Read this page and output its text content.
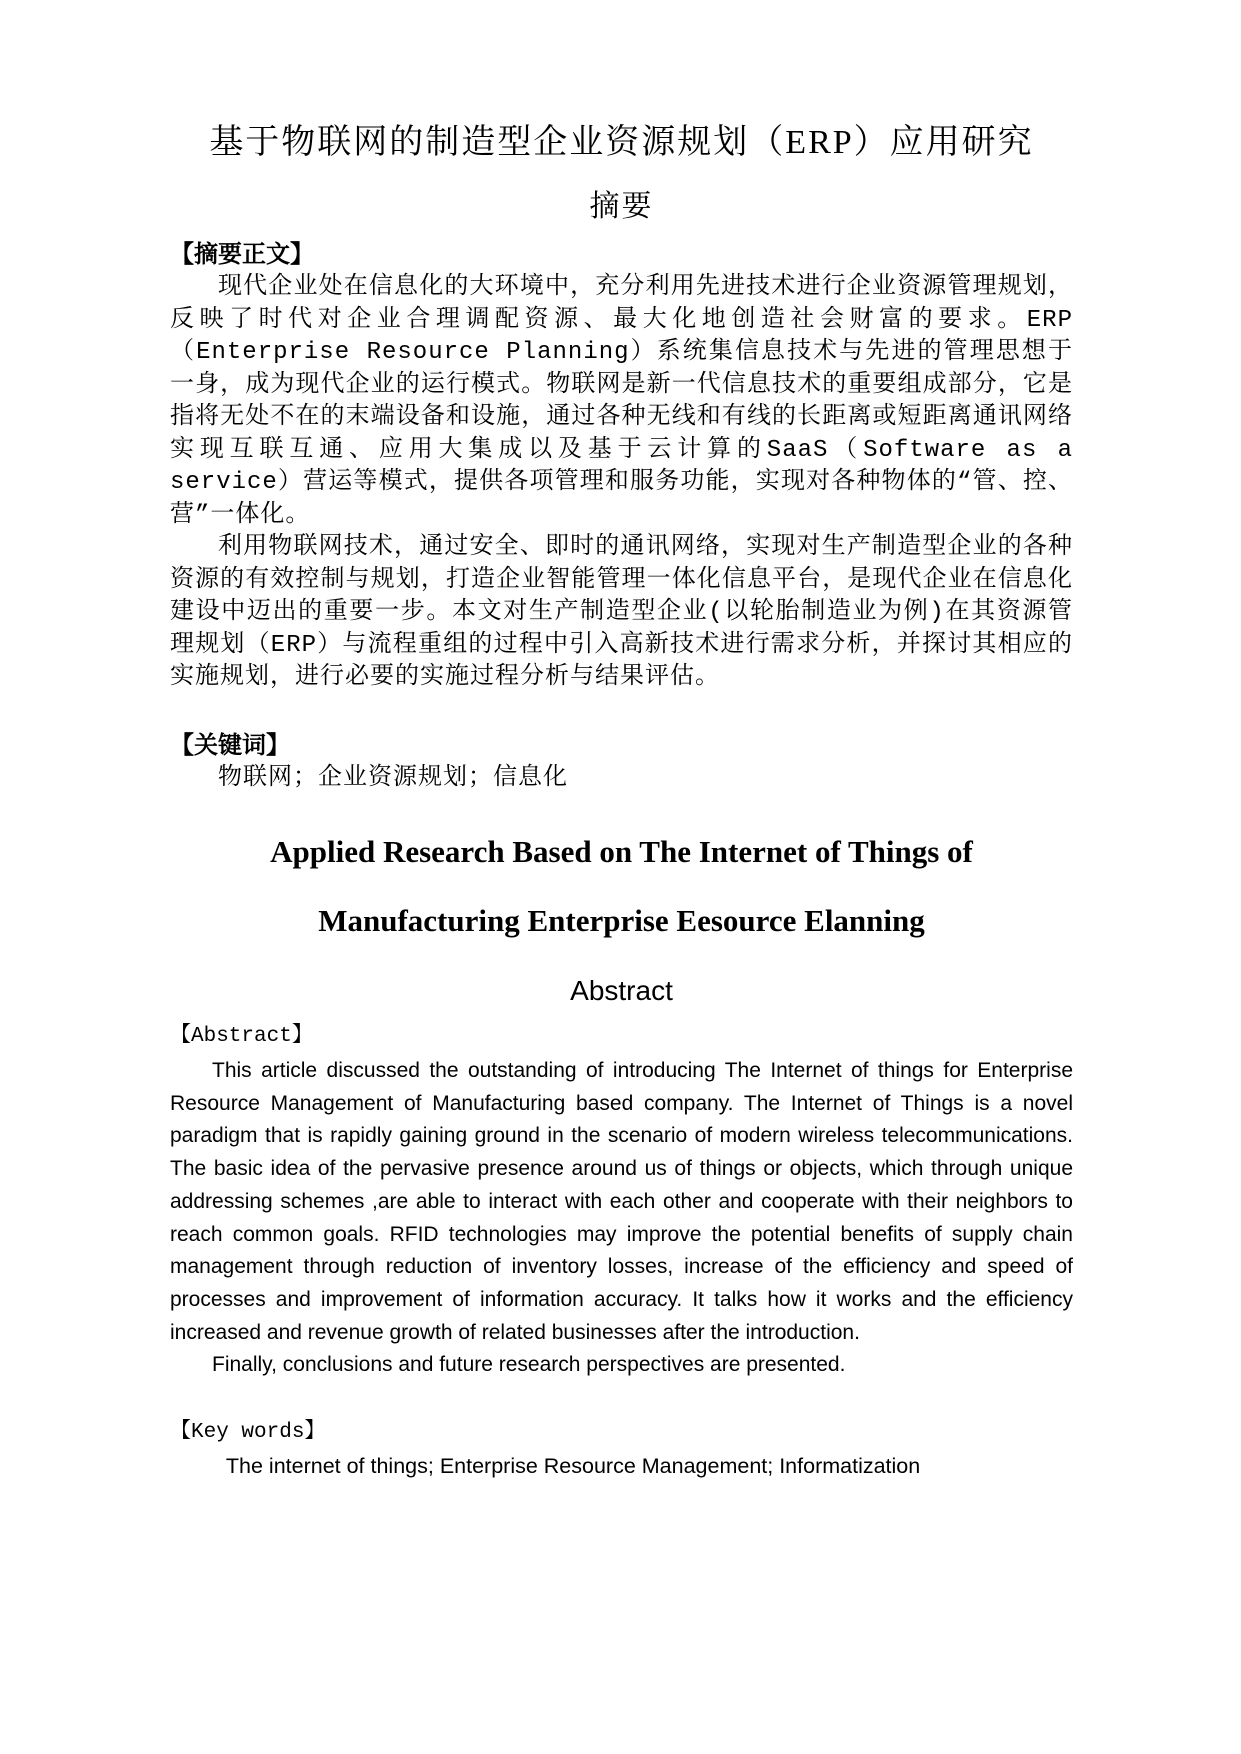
基于物联网的制造型企业资源规划（ERP）应用研究
摘要
【摘要正文】

现代企业处在信息化的大环境中，充分利用先进技术进行企业资源管理规划，反映了时代对企业合理调配资源、最大化地创造社会财富的要求。ERP（Enterprise Resource Planning）系统集信息技术与先进的管理思想于一身，成为现代企业的运行模式。物联网是新一代信息技术的重要组成部分，它是指将无处不在的末端设备和设施，通过各种无线和有线的长距离或短距离通讯网络实现互联互通、应用大集成以及基于云计算的SaaS（Software as a service）营运等模式，提供各项管理和服务功能，实现对各种物体的“管、控、营”一体化。

利用物联网技术，通过安全、即时的通讯网络，实现对生产制造型企业的各种资源的有效控制与规划，打造企业智能管理一体化信息平台，是现代企业在信息化建设中迈出的重要一步。本文对生产制造型企业(以轮胎制造业为例)在其资源管理规划（ERP）与流程重组的过程中引入高新技术进行需求分析，并探讨其相应的实施规划，进行必要的实施过程分析与结果评估。

【关键词】

物联网；企业资源规划；信息化

Applied Research Based on The Internet of Things of
Manufacturing Enterprise Eesource Elanning
Abstract
【Abstract】

This article discussed the outstanding of introducing The Internet of things for Enterprise Resource Management of Manufacturing based company. The Internet of Things is a novel paradigm that is rapidly gaining ground in the scenario of modern wireless telecommunications. The basic idea of the pervasive presence around us of things or objects, which through unique addressing schemes ,are able to interact with each other and cooperate with their neighbors to reach common goals. RFID technologies may improve the potential benefits of supply chain management through reduction of inventory losses, increase of the efficiency and speed of processes and improvement of information accuracy. It talks how it works and the efficiency increased and revenue growth of related businesses after the introduction.

Finally, conclusions and future research perspectives are presented.

【Key words】

The internet of things; Enterprise Resource Management; Informatization
